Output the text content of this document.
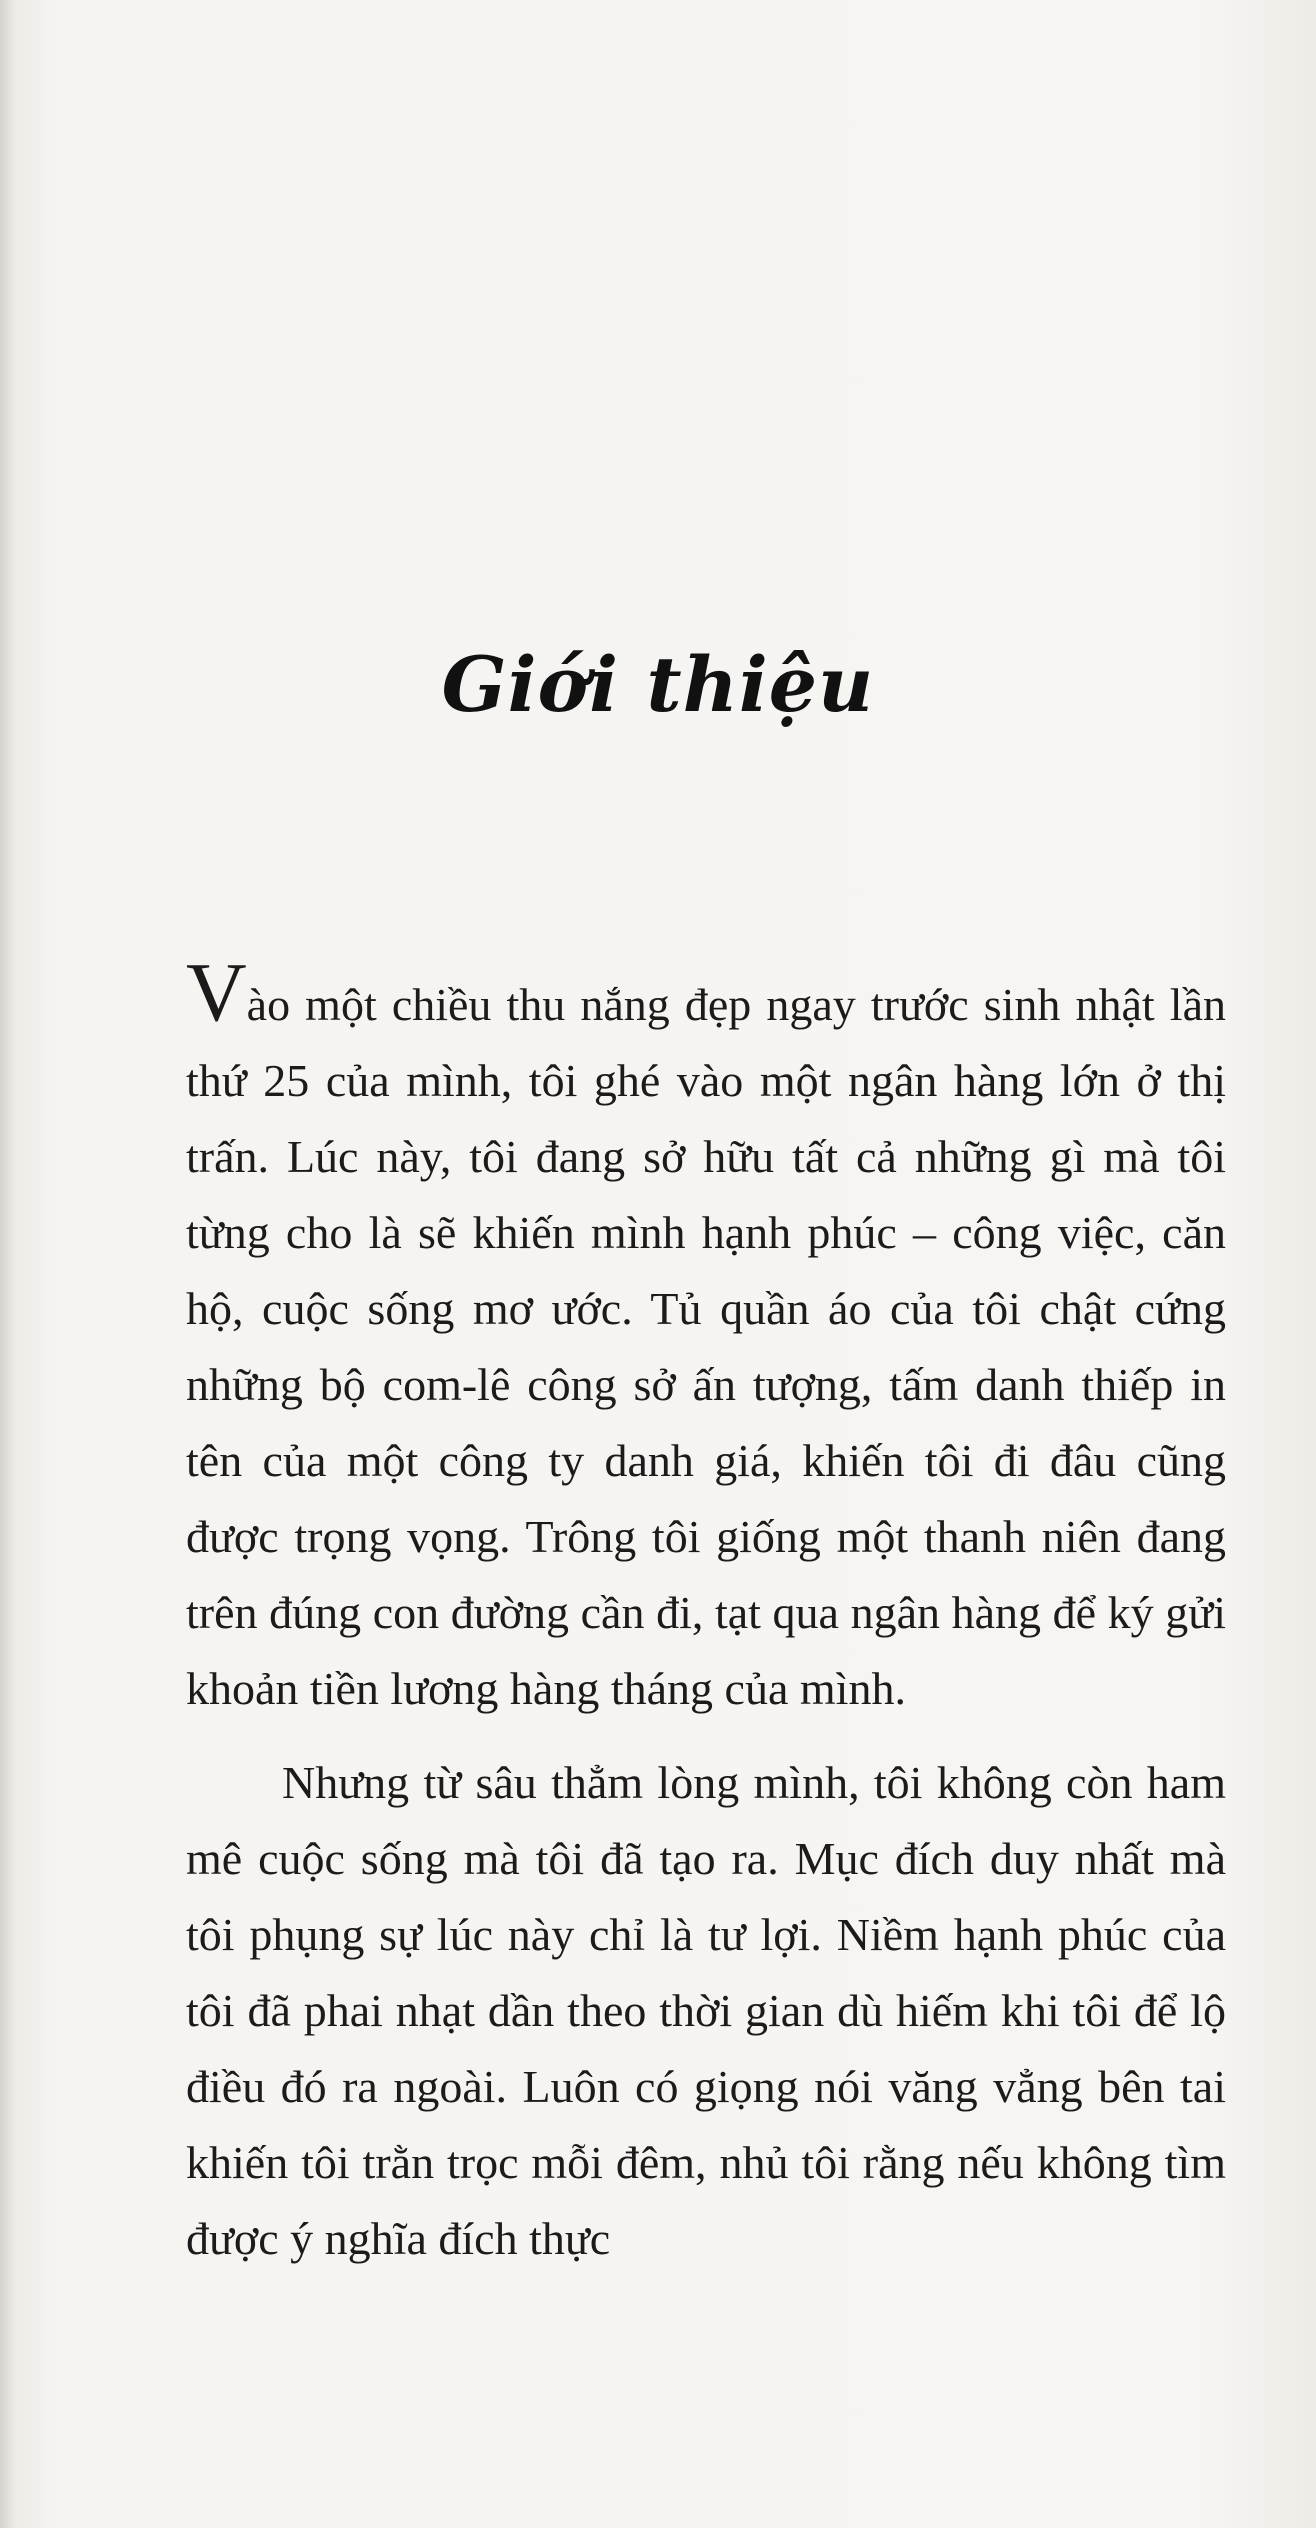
Giới thiệu

Vào một chiều thu nắng đẹp ngay trước sinh nhật lần thứ 25 của mình, tôi ghé vào một ngân hàng lớn ở thị trấn. Lúc này, tôi đang sở hữu tất cả những gì mà tôi từng cho là sẽ khiến mình hạnh phúc – công việc, căn hộ, cuộc sống mơ ước. Tủ quần áo của tôi chật cứng những bộ com-lê công sở ấn tượng, tấm danh thiếp in tên của một công ty danh giá, khiến tôi đi đâu cũng được trọng vọng. Trông tôi giống một thanh niên đang trên đúng con đường cần đi, tạt qua ngân hàng để ký gửi khoản tiền lương hàng tháng của mình.

Nhưng từ sâu thẳm lòng mình, tôi không còn ham mê cuộc sống mà tôi đã tạo ra. Mục đích duy nhất mà tôi phụng sự lúc này chỉ là tư lợi. Niềm hạnh phúc của tôi đã phai nhạt dần theo thời gian dù hiếm khi tôi để lộ điều đó ra ngoài. Luôn có giọng nói văng vẳng bên tai khiến tôi trằn trọc mỗi đêm, nhủ tôi rằng nếu không tìm được ý nghĩa đích thực
